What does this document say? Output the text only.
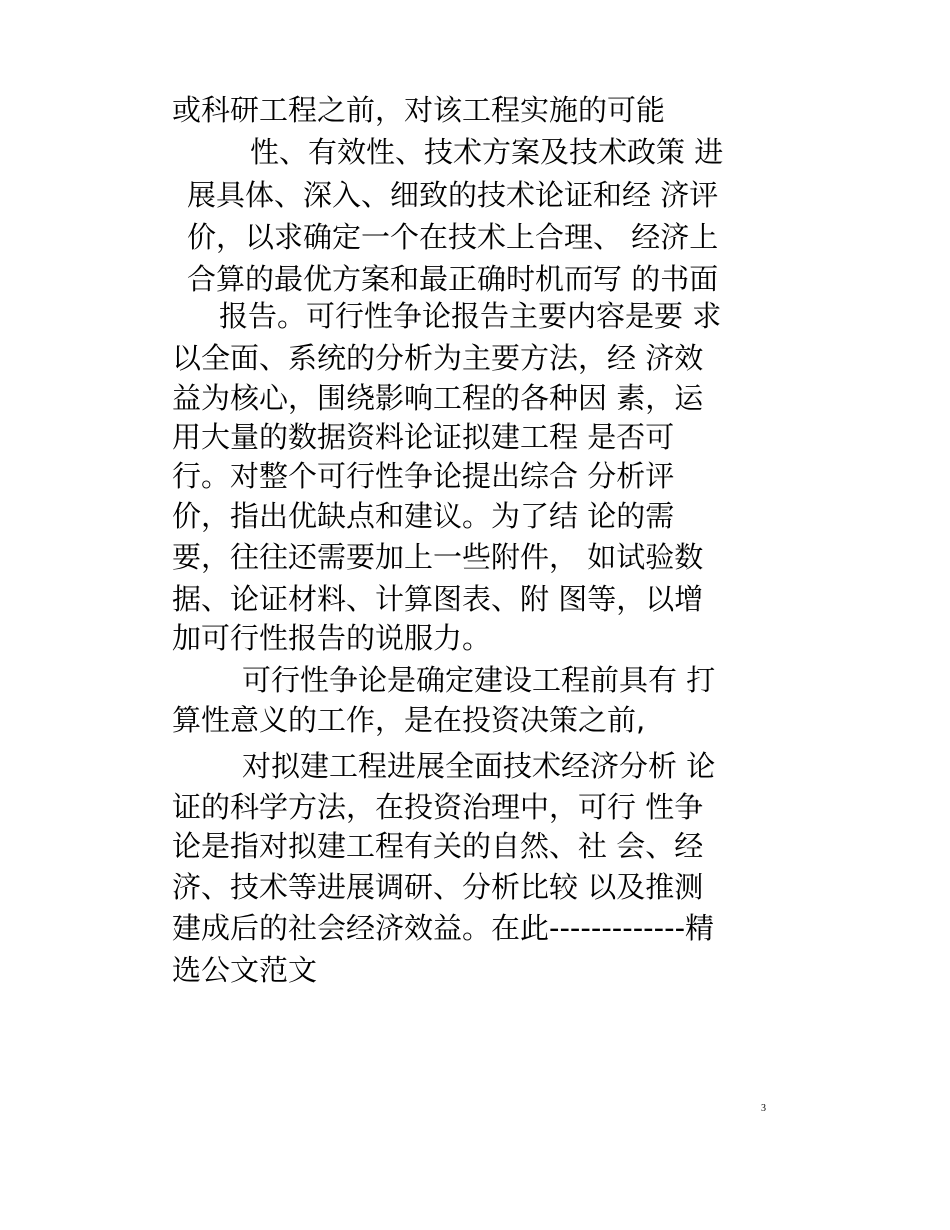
或科研工程之前，对该工程实施的可能
性、有效性、技术方案及技术政策 进
展具体、深入、细致的技术论证和经 济评
价，以求确定一个在技术上合理、 经济上
合算的最优方案和最正确时机而写 的书面
报告。可行性争论报告主要内容是要 求
以全面、系统的分析为主要方法，经 济效
益为核心，围绕影响工程的各种因 素，运
用大量的数据资料论证拟建工程 是否可
行。对整个可行性争论提出综合 分析评
价，指出优缺点和建议。为了结 论的需
要，往往还需要加上一些附件， 如试验数
据、论证材料、计算图表、附 图等，以增
加可行性报告的说服力。
可行性争论是确定建设工程前具有 打
算性意义的工作，是在投资决策之前,
对拟建工程进展全面技术经济分析 论
证的科学方法，在投资治理中，可行 性争
论是指对拟建工程有关的自然、社 会、经
济、技术等进展调研、分析比较 以及推测
建成后的社会经济效益。在此-------------精
选公文范文
3
